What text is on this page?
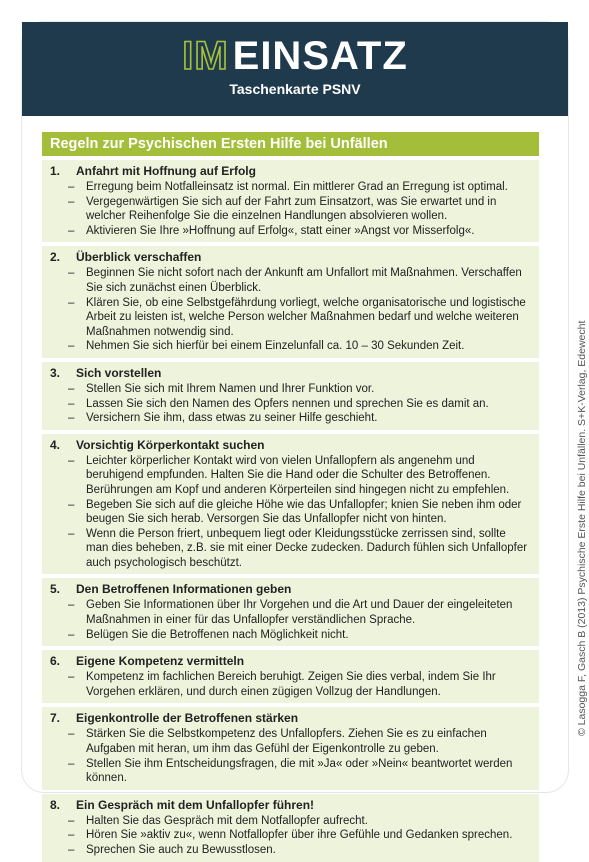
IM EINSATZ
Taschenkarte PSNV
Regeln zur Psychischen Ersten Hilfe bei Unfällen
1.	Anfahrt mit Hoffnung auf Erfolg
–	Erregung beim Notfalleinsatz ist normal. Ein mittlerer Grad an Erregung ist optimal.
–	Vergegenwärtigen Sie sich auf der Fahrt zum Einsatzort, was Sie erwartet und in welcher Reihenfolge Sie die einzelnen Handlungen absolvieren wollen.
–	Aktivieren Sie Ihre »Hoffnung auf Erfolg«, statt einer »Angst vor Misserfolg«.
2.	Überblick verschaffen
–	Beginnen Sie nicht sofort nach der Ankunft am Unfallort mit Maßnahmen. Verschaffen Sie sich zunächst einen Überblick.
–	Klären Sie, ob eine Selbstgefährdung vorliegt, welche organisatorische und logistische Arbeit zu leisten ist, welche Person welcher Maßnahmen bedarf und welche weiteren Maßnahmen notwendig sind.
–	Nehmen Sie sich hierfür bei einem Einzelunfall ca. 10 – 30 Sekunden Zeit.
3.	Sich vorstellen
–	Stellen Sie sich mit Ihrem Namen und Ihrer Funktion vor.
–	Lassen Sie sich den Namen des Opfers nennen und sprechen Sie es damit an.
–	Versichern Sie ihm, dass etwas zu seiner Hilfe geschieht.
4.	Vorsichtig Körperkontakt suchen
–	Leichter körperlicher Kontakt wird von vielen Unfallopfern als angenehm und beruhigend empfunden. Halten Sie die Hand oder die Schulter des Betroffenen. Berührungen am Kopf und anderen Körperteilen sind hingegen nicht zu empfehlen.
–	Begeben Sie sich auf die gleiche Höhe wie das Unfallopfer; knien Sie neben ihm oder beugen Sie sich herab. Versorgen Sie das Unfallopfer nicht von hinten.
–	Wenn die Person friert, unbequem liegt oder Kleidungsstücke zerrissen sind, sollte man dies beheben, z.B. sie mit einer Decke zudecken. Dadurch fühlen sich Unfallopfer auch psychologisch beschützt.
5.	Den Betroffenen Informationen geben
–	Geben Sie Informationen über Ihr Vorgehen und die Art und Dauer der eingeleiteten Maßnahmen in einer für das Unfallopfer verständlichen Sprache.
–	Belügen Sie die Betroffenen nach Möglichkeit nicht.
6.	Eigene Kompetenz vermitteln
–	Kompetenz im fachlichen Bereich beruhigt. Zeigen Sie dies verbal, indem Sie Ihr Vorgehen erklären, und durch einen zügigen Vollzug der Handlungen.
7.	Eigenkontrolle der Betroffenen stärken
–	Stärken Sie die Selbstkompetenz des Unfallopfers. Ziehen Sie es zu einfachen Aufgaben mit heran, um ihm das Gefühl der Eigenkontrolle zu geben.
–	Stellen Sie ihm Entscheidungsfragen, die mit »Ja« oder »Nein« beantwortet werden können.
8.	Ein Gespräch mit dem Unfallopfer führen!
–	Halten Sie das Gespräch mit dem Notfallopfer aufrecht.
–	Hören Sie »aktiv zu«, wenn Notfallopfer über ihre Gefühle und Gedanken sprechen.
–	Sprechen Sie auch zu Bewusstlosen.
© Lasogga F, Gasch B (2013) Psychische Erste Hilfe bei Unfällen. S+K-Verlag, Edewecht
